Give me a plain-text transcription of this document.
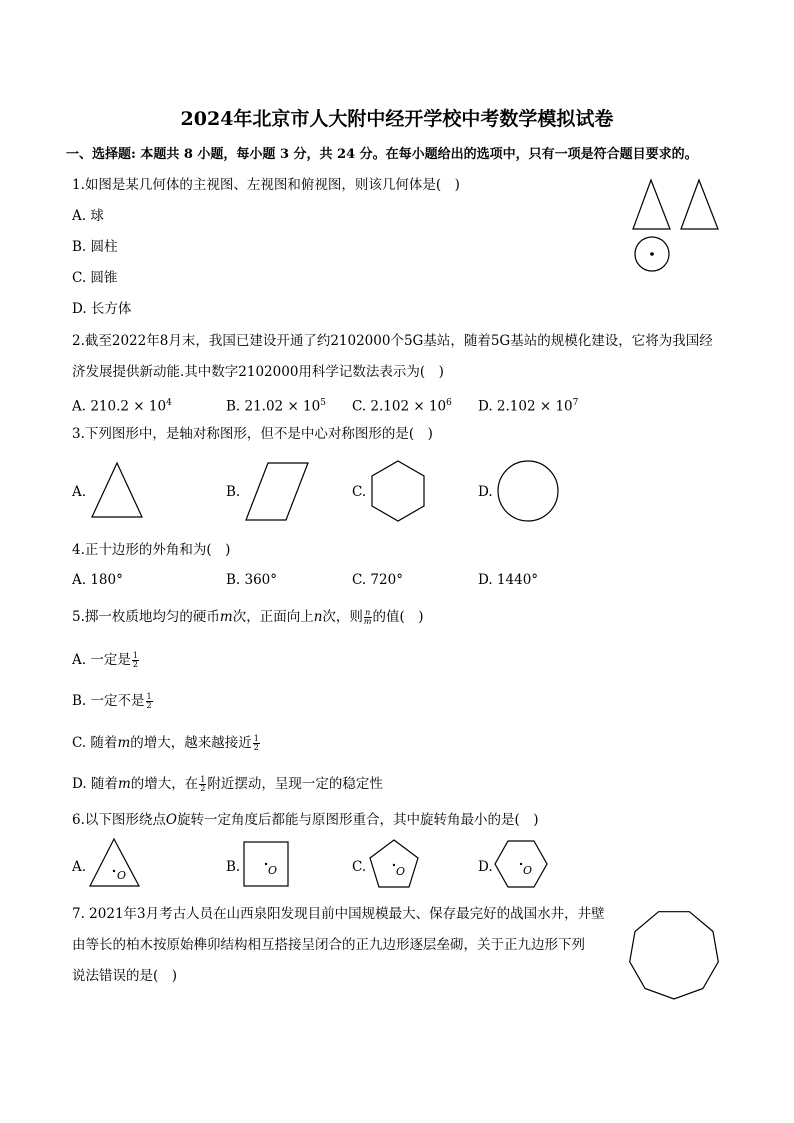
2024年北京市人大附中经开学校中考数学模拟试卷
一、选择题: 本题共 8 小题，每小题 3 分，共 24 分。在每小题给出的选项中，只有一项是符合题目要求的。
1.如图是某几何体的主视图、左视图和俯视图，则该几何体是(　)
A. 球
B. 圆柱
C. 圆锥
D. 长方体
2.截至2022年8月末，我国已建设开通了约2102000个5G基站，随着5G基站的规模化建设，它将为我国经
济发展提供新动能.其中数字2102000用科学记数法表示为(　)
A. $210.2 \times 10^4$	B. $21.02 \times 10^5$ C. $2.102 \times 10^6$ D. $2.102 \times 10^7$
3.下列图形中，是轴对称图形，但不是中心对称图形的是(　)
A.	B.	C.	D.
4.正十边形的外角和为(　)
A. 180°	B. 360°	C. 720°	D. 1440°
5.掷一枚质地均匀的硬币m次，正面向上n次，则 $\frac{n}{m}$ 的值(　)
A. 一定是 $\frac{1}{2}$
B. 一定不是 $\frac{1}{2}$
C. 随着m的增大，越来越接近 $\frac{1}{2}$
D. 随着m的增大，在 $\frac{1}{2}$ 附近摆动，呈现一定的稳定性
6.以下图形绕点O旋转一定角度后都能与原图形重合，其中旋转角最小的是(　)
A.	B.	C.	D.
O	O	O	O
7. 2021年3月考古人员在山西泉阳发现目前中国规模最大、保存最完好的战国水井，井壁
由等长的柏木按原始榫卯结构相互搭接呈闭合的正九边形逐层垒砌，关于正九边形下列
说法错误的是(　)
